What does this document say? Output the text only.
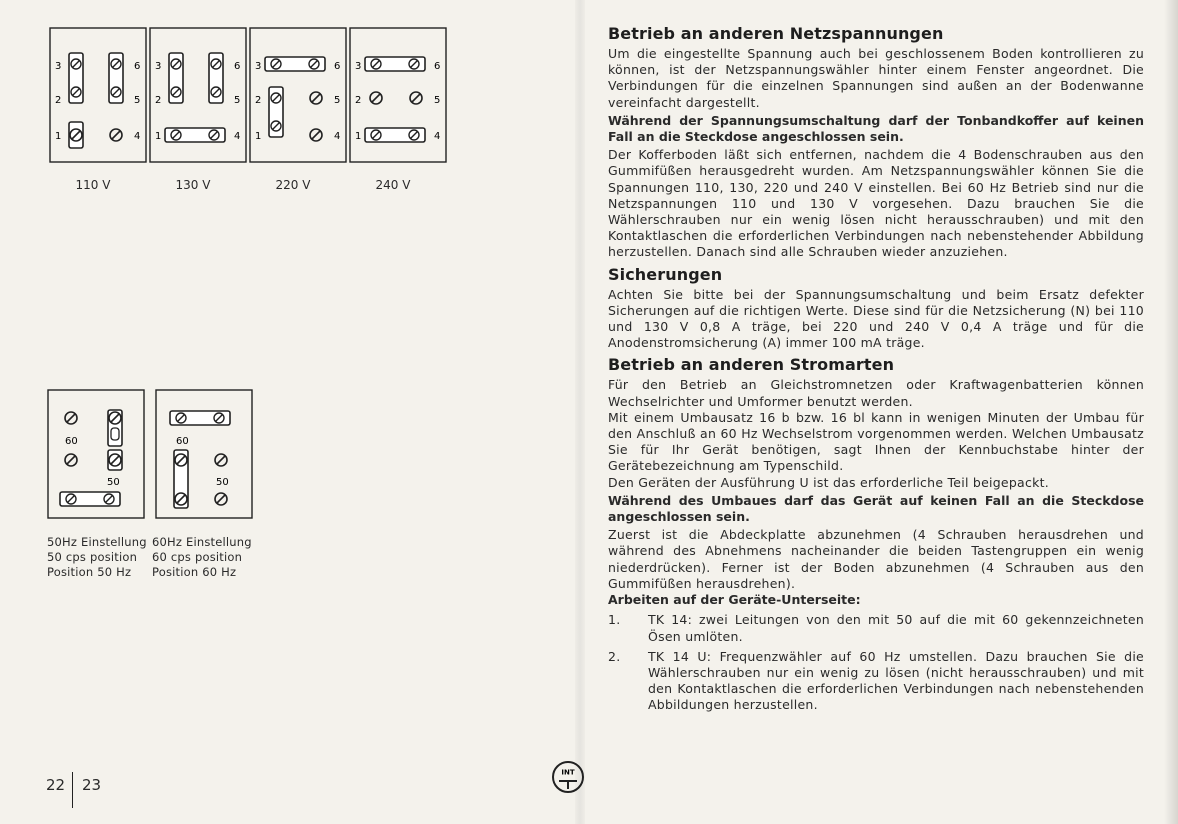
3
2
1
6
5
4
3
2
1
6
5
4
3
2
1
6
5
4
3
2
1
6
5
4
110 V	130 V	220 V	240 V
60
50
60
50
50Hz Einstellung
50 cps position
Position 50 Hz
60Hz Einstellung
60 cps position
Position 60 Hz
22 23
INT
Betrieb an anderen Netzspannungen

Um die eingestellte Spannung auch bei geschlossenem Boden kontrollieren zu können, ist der Netzspannungswähler hinter einem Fenster angeordnet. Die Verbindungen für die einzelnen Spannungen sind außen an der Bodenwanne vereinfacht dargestellt.

Während der Spannungsumschaltung darf der Tonbandkoffer auf keinen Fall an die Steckdose angeschlossen sein.

Der Kofferboden läßt sich entfernen, nachdem die 4 Bodenschrauben aus den Gummifüßen herausgedreht wurden. Am Netzspannungswähler können Sie die Spannungen 110, 130, 220 und 240 V einstellen. Bei 60 Hz Betrieb sind nur die Netzspannungen 110 und 130 V vorgesehen. Dazu brauchen Sie die Wählerschrauben nur ein wenig lösen nicht herausschrauben) und mit den Kontaktlaschen die erforderlichen Verbindungen nach nebenstehender Abbildung herzustellen. Danach sind alle Schrauben wieder anzuziehen.

Sicherungen

Achten Sie bitte bei der Spannungsumschaltung und beim Ersatz defekter Sicherungen auf die richtigen Werte. Diese sind für die Netzsicherung (N) bei 110 und 130 V 0,8 A träge, bei 220 und 240 V 0,4 A träge und für die Anodenstromsicherung (A) immer 100 mA träge.

Betrieb an anderen Stromarten

Für den Betrieb an Gleichstromnetzen oder Kraftwagenbatterien können Wechselrichter und Umformer benutzt werden.

Mit einem Umbausatz 16 b bzw. 16 bl kann in wenigen Minuten der Umbau für den Anschluß an 60 Hz Wechselstrom vorgenommen werden. Welchen Umbausatz Sie für Ihr Gerät benötigen, sagt Ihnen der Kennbuchstabe hinter der Gerätebezeichnung am Typenschild.

Den Geräten der Ausführung U ist das erforderliche Teil beigepackt.

Während des Umbaues darf das Gerät auf keinen Fall an die Steckdose angeschlossen sein.

Zuerst ist die Abdeckplatte abzunehmen (4 Schrauben herausdrehen und während des Abnehmens nacheinander die beiden Tastengruppen ein wenig niederdrücken). Ferner ist der Boden abzunehmen (4 Schrauben aus den Gummifüßen herausdrehen).

Arbeiten auf der Geräte-Unterseite:

1.	TK 14: zwei Leitungen von den mit 50 auf die mit 60 gekennzeichneten Ösen umlöten.
2.	TK 14 U: Frequenzwähler auf 60 Hz umstellen. Dazu brauchen Sie die Wählerschrauben nur ein wenig zu lösen (nicht herausschrauben) und mit den Kontaktlaschen die erforderlichen Verbindungen nach nebenstehenden Abbildungen herzustellen.
